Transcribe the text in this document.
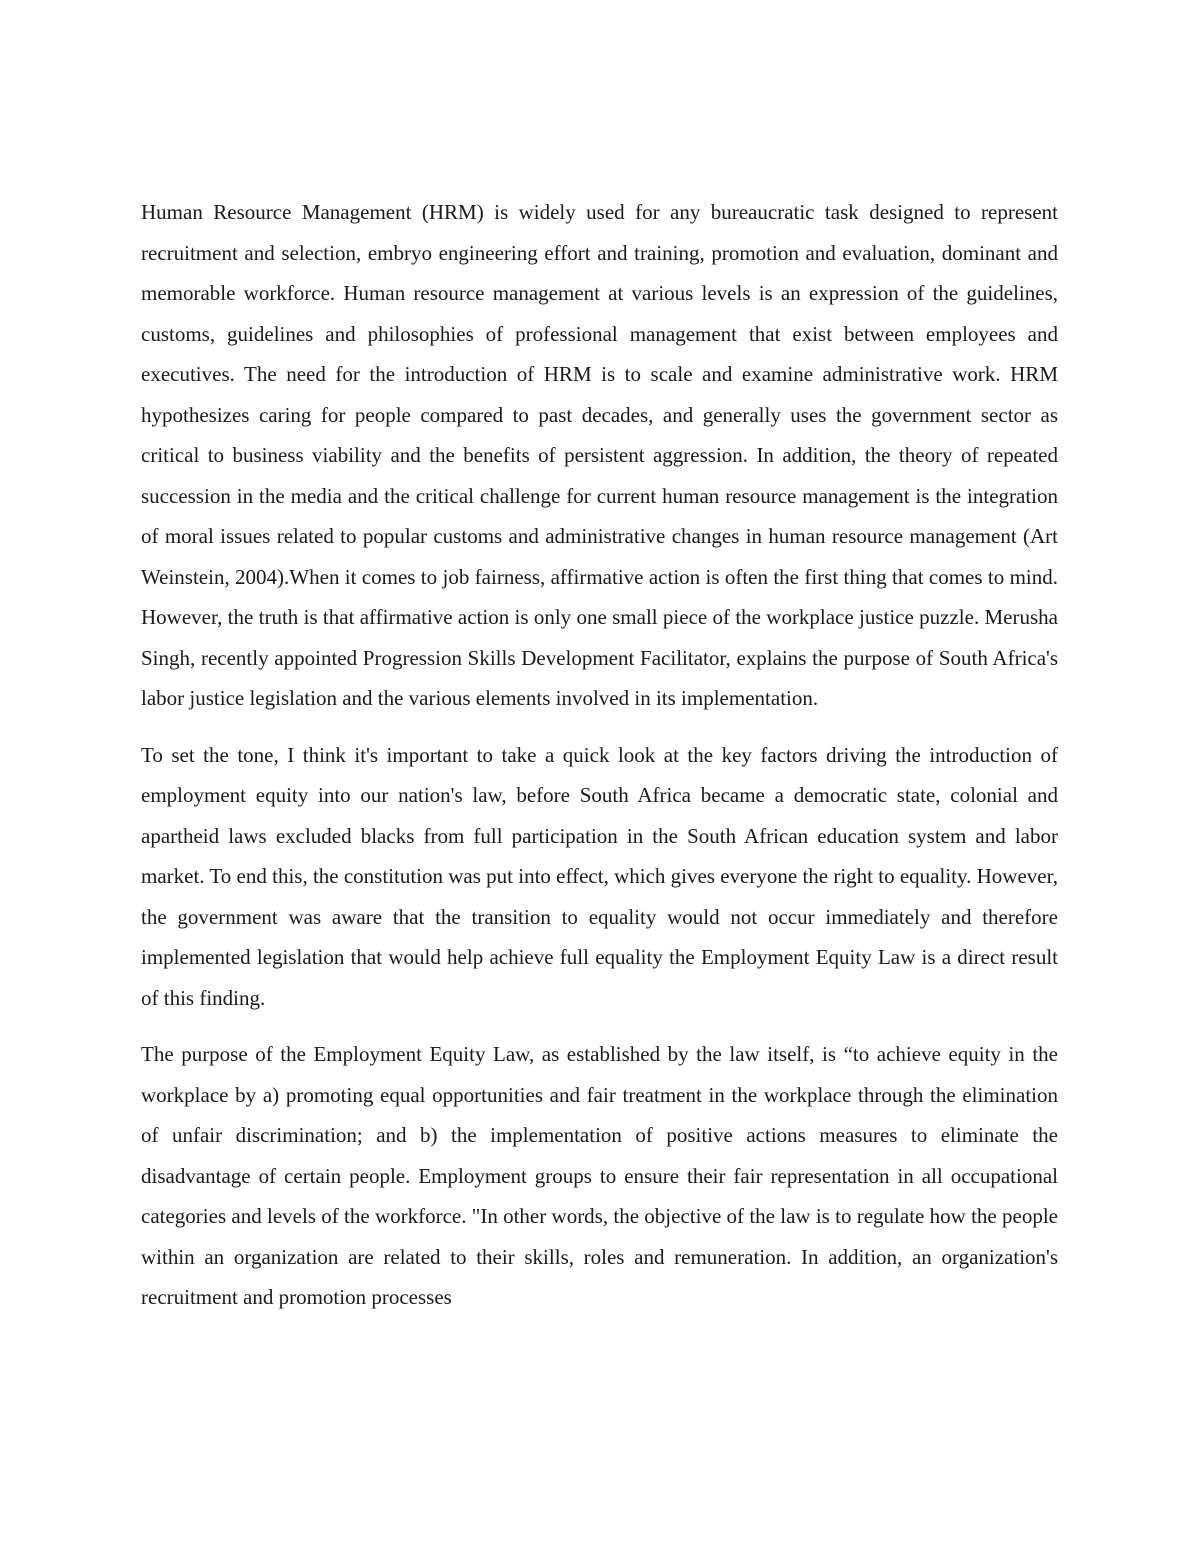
Human Resource Management (HRM) is widely used for any bureaucratic task designed to represent recruitment and selection, embryo engineering effort and training, promotion and evaluation, dominant and memorable workforce. Human resource management at various levels is an expression of the guidelines, customs, guidelines and philosophies of professional management that exist between employees and executives. The need for the introduction of HRM is to scale and examine administrative work. HRM hypothesizes caring for people compared to past decades, and generally uses the government sector as critical to business viability and the benefits of persistent aggression. In addition, the theory of repeated succession in the media and the critical challenge for current human resource management is the integration of moral issues related to popular customs and administrative changes in human resource management (Art Weinstein, 2004).When it comes to job fairness, affirmative action is often the first thing that comes to mind. However, the truth is that affirmative action is only one small piece of the workplace justice puzzle. Merusha Singh, recently appointed Progression Skills Development Facilitator, explains the purpose of South Africa's labor justice legislation and the various elements involved in its implementation.

To set the tone, I think it's important to take a quick look at the key factors driving the introduction of employment equity into our nation's law, before South Africa became a democratic state, colonial and apartheid laws excluded blacks from full participation in the South African education system and labor market. To end this, the constitution was put into effect, which gives everyone the right to equality. However, the government was aware that the transition to equality would not occur immediately and therefore implemented legislation that would help achieve full equality the Employment Equity Law is a direct result of this finding.

The purpose of the Employment Equity Law, as established by the law itself, is “to achieve equity in the workplace by a) promoting equal opportunities and fair treatment in the workplace through the elimination of unfair discrimination; and b) the implementation of positive actions measures to eliminate the disadvantage of certain people. Employment groups to ensure their fair representation in all occupational categories and levels of the workforce. "In other words, the objective of the law is to regulate how the people within an organization are related to their skills, roles and remuneration. In addition, an organization's recruitment and promotion processes
